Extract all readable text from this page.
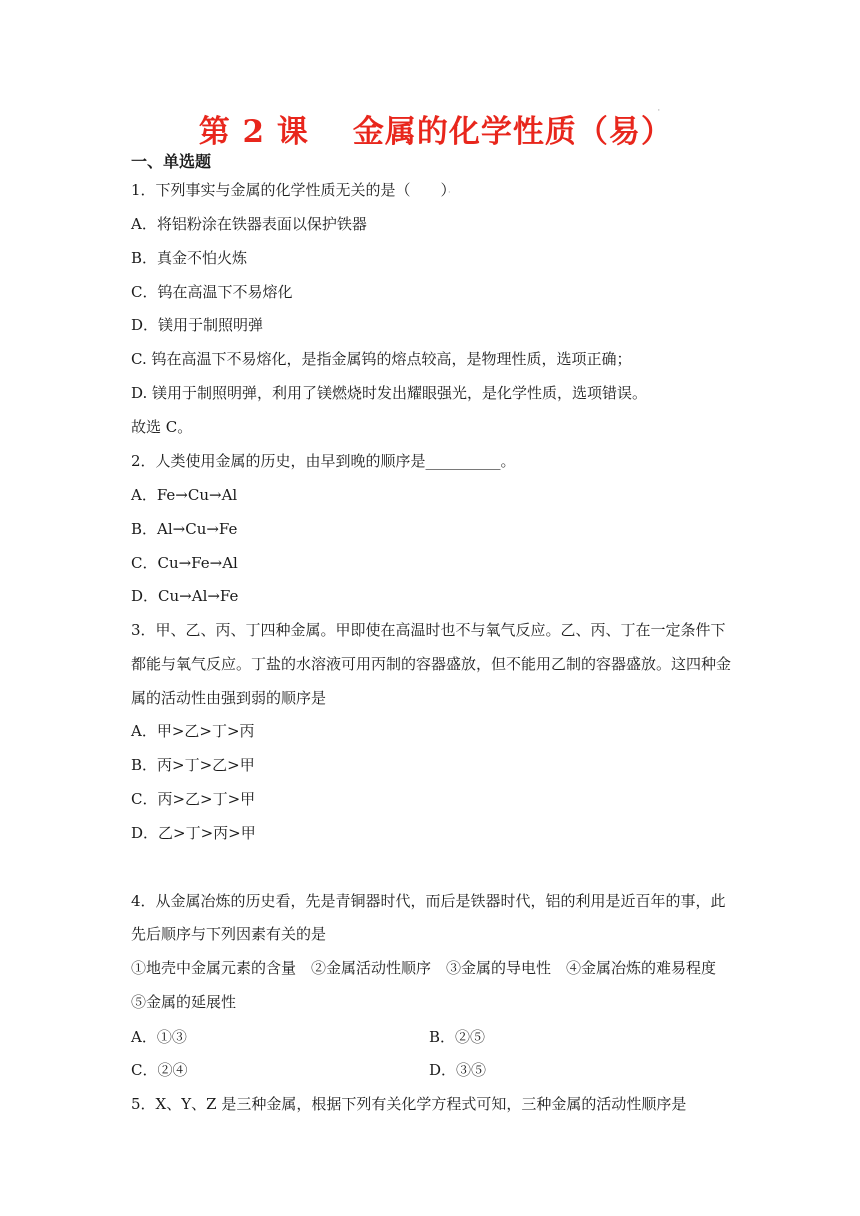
第 2 课 金属的化学性质（易）·
一、单选题
1．下列事实与金属的化学性质无关的是（　　）·
A．将铝粉涂在铁器表面以保护铁器
B．真金不怕火炼
C．钨在高温下不易熔化
D．镁用于制照明弹
C. 钨在高温下不易熔化，是指金属钨的熔点较高，是物理性质，选项正确；
D. 镁用于制照明弹，利用了镁燃烧时发出耀眼强光，是化学性质，选项错误。
故选 C。
2．人类使用金属的历史，由早到晚的顺序是__________。
A．Fe→Cu→Al
B．Al→Cu→Fe
C．Cu→Fe→Al
D．Cu→Al→Fe
3．甲、乙、丙、丁四种金属。甲即使在高温时也不与氧气反应。乙、丙、丁在一定条件下
都能与氧气反应。丁盐的水溶液可用丙制的容器盛放，但不能用乙制的容器盛放。这四种金
属的活动性由强到弱的顺序是
A．甲>乙>丁>丙
B．丙>丁>乙>甲
C．丙>乙>丁>甲
D．乙>丁>丙>甲
4．从金属冶炼的历史看，先是青铜器时代，而后是铁器时代，铝的利用是近百年的事，此
先后顺序与下列因素有关的是
①地壳中金属元素的含量　②金属活动性顺序　③金属的导电性　④金属冶炼的难易程度
⑤金属的延展性
A．①③	B．②⑤
C．②④	D．③⑤
5．X、Y、Z 是三种金属，根据下列有关化学方程式可知，三种金属的活动性顺序是
